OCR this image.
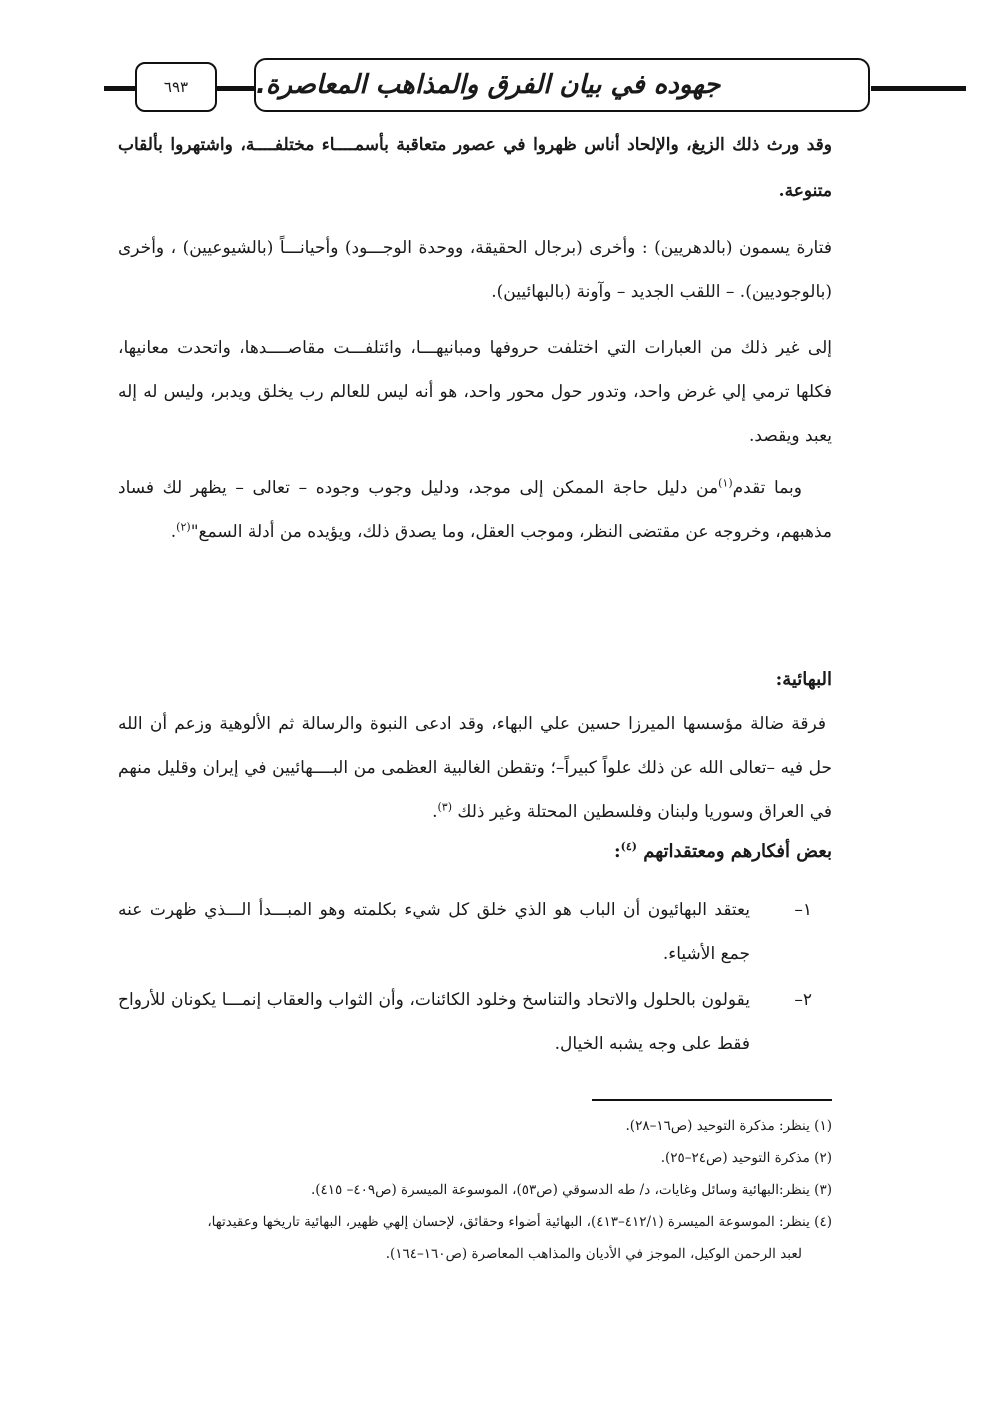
٦٩٣	جهوده في بيان الفرق والمذاهب المعاصرة.

وقد ورث ذلك الزيغ، والإلحاد أناس ظهروا في عصور متعاقبة بأسمــــاء مختلفــــة، واشتهروا بألقاب متنوعة.

فتارة يسمون (بالدهريين) : وأخرى (برجال الحقيقة، ووحدة الوجـــود) وأحيانـــاً (بالشيوعيين) ، وأخرى (بالوجوديين). – اللقب الجديد – وآونة (بالبهائيين).

إلى غير ذلك من العبارات التي اختلفت حروفها ومبانيهـــا، وائتلفـــت مقاصــــدها، واتحدت معانيها، فكلها ترمي إلي غرض واحد، وتدور حول محور واحد، هو أنه ليس للعالم رب يخلق ويدبر، وليس له إله يعبد ويقصد.

وبما تقدم$^{(١)}$من دليل حاجة الممكن إلى موجد، ودليل وجوب وجوده – تعالى – يظهر لك فساد مذهبهم، وخروجه عن مقتضى النظر، وموجب العقل، وما يصدق ذلك، ويؤيده من أدلة السمع"$^{(٢)}$.

البهائية:

فرقة ضالة مؤسسها الميرزا حسين علي البهاء، وقد ادعى النبوة والرسالة ثم الألوهية وزعم أن الله حل فيه –تعالى الله عن ذلك علواً كبيراً–؛ وتقطن الغالبية العظمى من البــــهائيين في إيران وقليل منهم في العراق وسوريا ولبنان وفلسطين المحتلة وغير ذلك $^{(٣)}$.

بعض أفكارهم ومعتقداتهم $^{(٤)}$:

١–
يعتقد البهائيون أن الباب هو الذي خلق كل شيء بكلمته وهو المبـــدأ الـــذي ظهرت عنه جمع الأشياء.
٢–
يقولون بالحلول والاتحاد والتناسخ وخلود الكائنات، وأن الثواب والعقاب إنمـــا يكونان للأرواح فقط على وجه يشبه الخيال.

(١) ينظر: مذكرة التوحيد (ص١٦–٢٨).

(٢) مذكرة التوحيد (ص٢٤–٢٥).

(٣) ينظر:البهائية وسائل وغايات، د/ طه الدسوقي (ص٥٣)، الموسوعة الميسرة (ص٤٠٩– ٤١٥).

(٤) ينظر: الموسوعة الميسرة (٤١٢/١–٤١٣)، البهائية أضواء وحقائق، لإحسان إلهي ظهير، البهائية تاريخها وعقيدتها،

لعبد الرحمن الوكيل، الموجز في الأديان والمذاهب المعاصرة (ص١٦٠–١٦٤).
